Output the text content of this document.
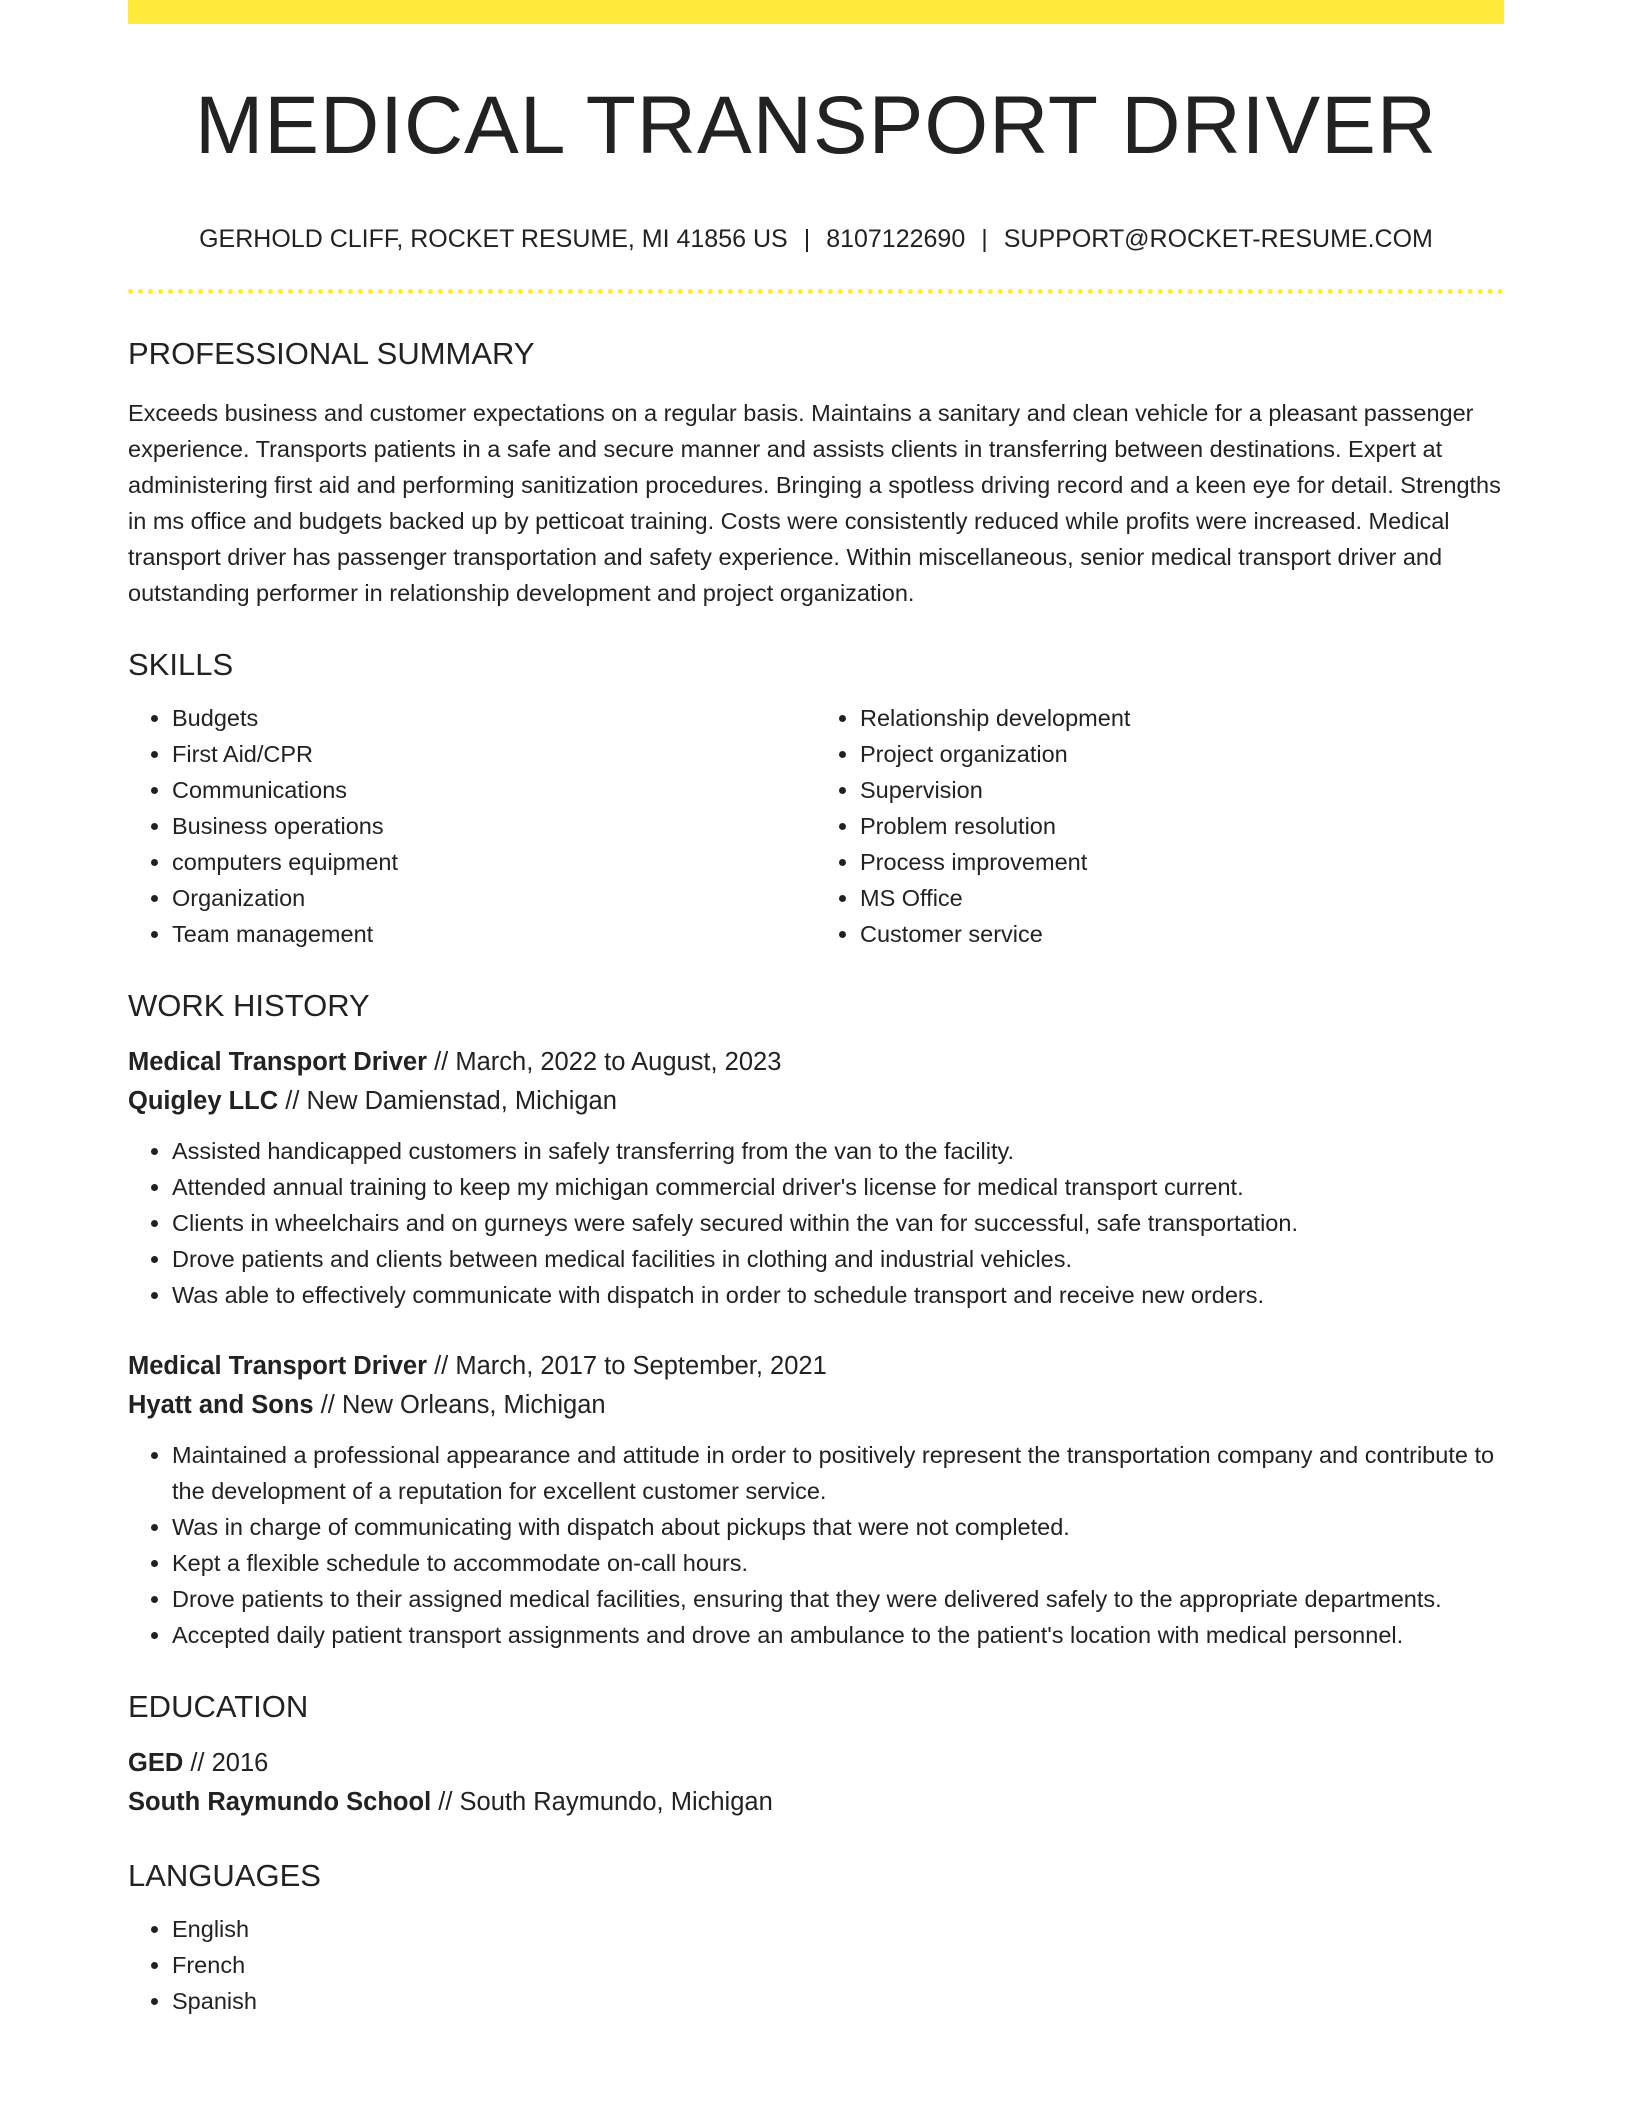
MEDICAL TRANSPORT DRIVER
GERHOLD CLIFF, ROCKET RESUME, MI 41856 US | 8107122690 | SUPPORT@ROCKET-RESUME.COM
PROFESSIONAL SUMMARY

Exceeds business and customer expectations on a regular basis. Maintains a sanitary and clean vehicle for a pleasant passenger experience. Transports patients in a safe and secure manner and assists clients in transferring between destinations. Expert at administering first aid and performing sanitization procedures. Bringing a spotless driving record and a keen eye for detail. Strengths in ms office and budgets backed up by petticoat training. Costs were consistently reduced while profits were increased. Medical transport driver has passenger transportation and safety experience. Within miscellaneous, senior medical transport driver and outstanding performer in relationship development and project organization.

SKILLS
• Budgets
• First Aid/CPR
• Communications
• Business operations
• computers equipment
• Organization
• Team management
• Relationship development
• Project organization
• Supervision
• Problem resolution
• Process improvement
• MS Office
• Customer service
WORK HISTORY
Medical Transport Driver // March, 2022 to August, 2023
Quigley LLC // New Damienstad, Michigan
• Assisted handicapped customers in safely transferring from the van to the facility.
• Attended annual training to keep my michigan commercial driver's license for medical transport current.
• Clients in wheelchairs and on gurneys were safely secured within the van for successful, safe transportation.
• Drove patients and clients between medical facilities in clothing and industrial vehicles.
• Was able to effectively communicate with dispatch in order to schedule transport and receive new orders.
Medical Transport Driver // March, 2017 to September, 2021
Hyatt and Sons // New Orleans, Michigan
• Maintained a professional appearance and attitude in order to positively represent the transportation company and contribute to the development of a reputation for excellent customer service.
• Was in charge of communicating with dispatch about pickups that were not completed.
• Kept a flexible schedule to accommodate on-call hours.
• Drove patients to their assigned medical facilities, ensuring that they were delivered safely to the appropriate departments.
• Accepted daily patient transport assignments and drove an ambulance to the patient's location with medical personnel.
EDUCATION
GED // 2016
South Raymundo School // South Raymundo, Michigan
LANGUAGES
• English
• French
• Spanish
